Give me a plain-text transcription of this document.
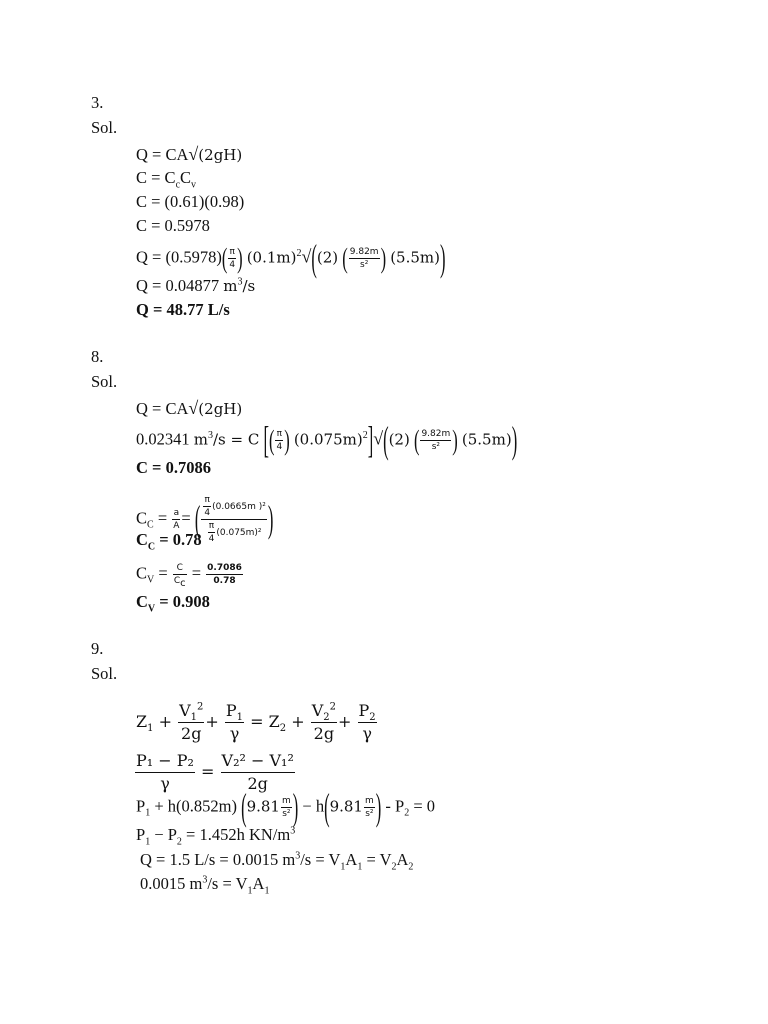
3.
Sol.
Q = CA√(2gH)
$C = C_cC_v$
C = (0.61)(0.98)
C = 0.5978
$Q = (0.5978)( \frac{\pi}{4}$ ) $(0.1m)^2√((2)$ ( $\frac{9.82m}{\text{s²}}$ ) (5.5m))
Q = 0.04877 $m^3/s$
Q = 48.77 L/s
8.
Sol.
Q = CA√(2gH)
0.02341 $m^3/s = C$ [( $\frac{\pi}{4}$ ) $(0.075m)^2]√((2)$ ( $\frac{9.82m}{\text{s²}}$ ) (5.5m))
C = 0.7086
$C_C = \frac{a}{A}$ = ( $\frac{\frac{\pi}{4} (0.0665m )^2}{\frac{\pi}{4} (0.075m)^2}$ )
$C_C = 0.78$
$C_V = \frac{C}{C_c} = \frac{0.7086}{0.78}$
$C_V = 0.908$
9.
Sol.
$Z_1 + \frac{V_1^2}{2g} + \frac{P_1}{\gamma} = Z_2 + \frac{V_2^2}{2g} + \frac{P_2}{\gamma}$
$\frac{\text{P₁ − P₂}}{\gamma} = \frac{\text{V₂² − V₁²}}{2g}$
$P_1 + h(0.852m)$ ($9.81 \frac{m}{\text{s²}}$ ) − $h(9.81 \frac{m}{\text{s²}}$ ) - $P_2 = 0$
$P_1 - P_2 = 1.452h$ $KN/m^3$
Q = 1.5 L/s = 0.0015 $m^3/s = V_1A_1 = V_2A_2$
0.0015 $m^3/s = V_1A_1$
